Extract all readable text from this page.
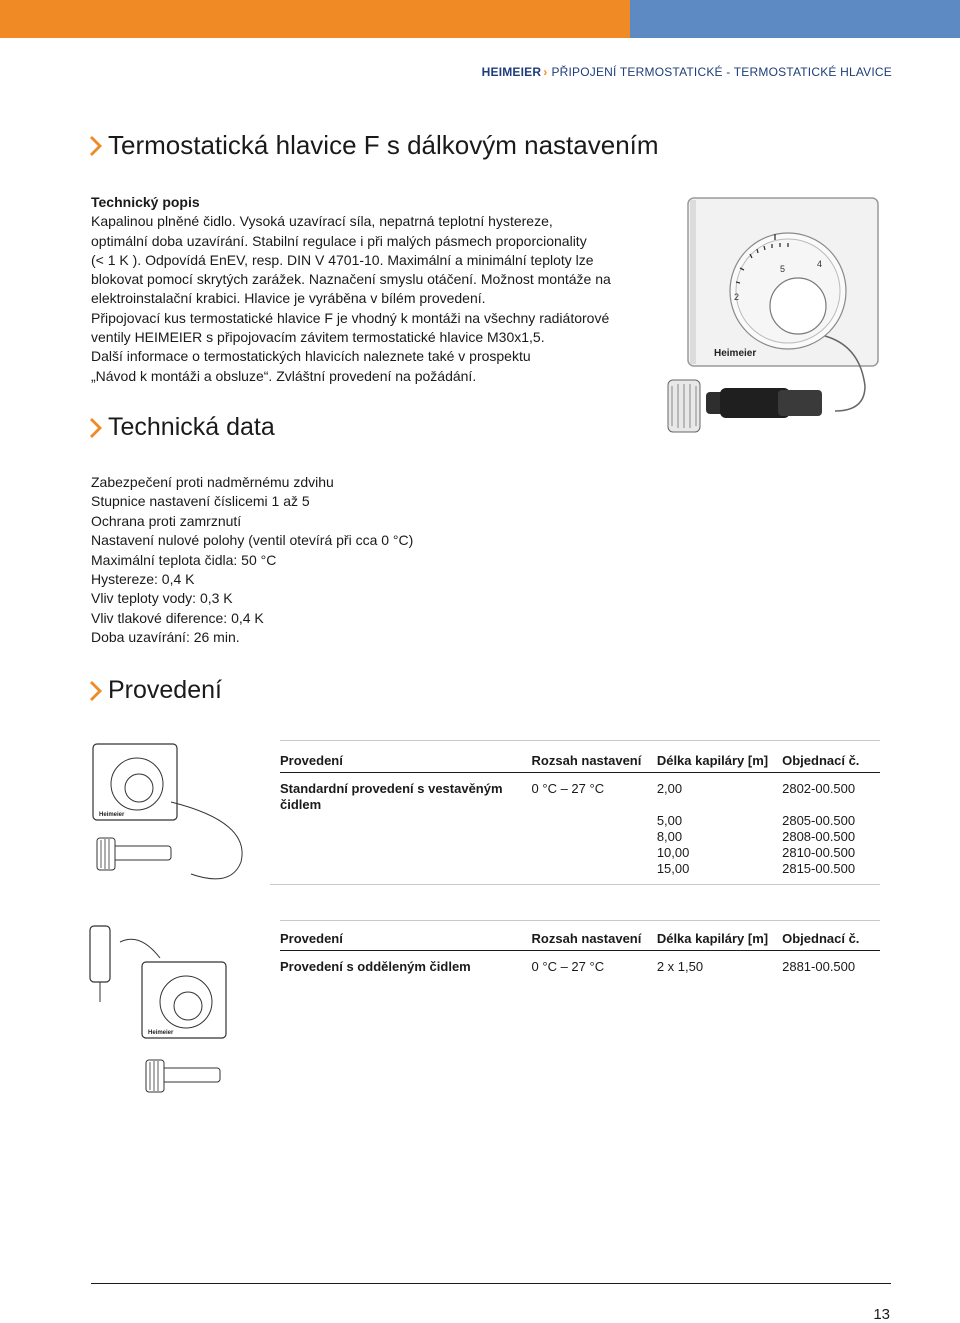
HEIMEIER › PŘIPOJENÍ TERMOSTATICKÉ - TERMOSTATICKÉ HLAVICE
Termostatická hlavice F s dálkovým nastavením
Technický popis
Kapalinou plněné čidlo. Vysoká uzavírací síla, nepatrná teplotní hystereze,
optimální doba uzavírání. Stabilní regulace i při malých pásmech proporcionality
(< 1 K ). Odpovídá EnEV, resp. DIN V 4701-10. Maximální a minimální teploty lze
blokovat pomocí skrytých zarážek. Naznačení smyslu otáčení. Možnost montáže na
elektroinstalační krabici. Hlavice je vyráběna v bílém provedení.
Připojovací kus termostatické hlavice F je vhodný k montáži na všechny radiátorové
ventily HEIMEIER s připojovacím závitem termostatické hlavice M30x1,5.
Další informace o termostatických hlavicích naleznete také v prospektu
„Návod k montáži a obsluze“. Zvláštní provedení na požádání.
5
2
4
Heimeier
Technická data
Zabezpečení proti nadměrnému zdvihu
Stupnice nastavení číslicemi 1 až 5
Ochrana proti zamrznutí
Nastavení nulové polohy (ventil otevírá při cca 0 °C)
Maximální teplota čidla: 50 °C
Hystereze: 0,4 K
Vliv teploty vody: 0,3 K
Vliv tlakové diference: 0,4 K
Doba uzavírání: 26 min.
Provedení
Heimeier
Provedení	Rozsah nastavení	Délka kapiláry [m]	Objednací č.
Standardní provedení s vestavěným
čidlem
0 °C – 27 °C	2,00	2802-00.500
5,00	2805-00.500
8,00	2808-00.500
10,00	2810-00.500
15,00	2815-00.500
Heimeier
Provedení	Rozsah nastavení	Délka kapiláry [m]	Objednací č.
Provedení s odděleným čidlem	0 °C – 27 °C	2 x 1,50	2881-00.500
13
